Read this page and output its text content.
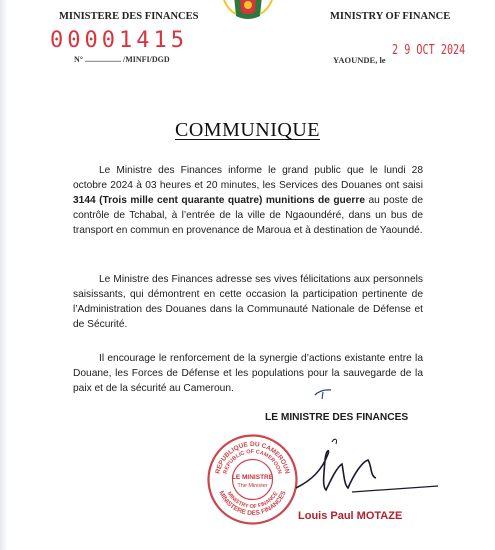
MINISTERE DES FINANCES	MINISTRY OF FINANCE
00001415
N° .................. /MINFI/DGD	YAOUNDE, le
2 9 OCT 2024
COMMUNIQUE

Le Ministre des Finances informe le grand public que le lundi 28 octobre 2024 à 03 heures et 20 minutes, les Services des Douanes ont saisi 3144 (Trois mille cent quarante quatre) munitions de guerre au poste de contrôle de Tchabal, à l’entrée de la ville de Ngaoundéré, dans un bus de transport en commun en provenance de Maroua et à destination de Yaoundé.

Le Ministre des Finances adresse ses vives félicitations aux personnels saisissants, qui démontrent en cette occasion la participation pertinente de l’Administration des Douanes dans la Communauté Nationale de Défense et de Sécurité.

Il encourage le renforcement de la synergie d’actions existante entre la Douane, les Forces de Défense et les populations pour la sauvegarde de la paix et de la sécurité au Cameroun.

LE MINISTRE DES FINANCES
REPUBLIQUE DU CAMEROUN
REPUBLIC OF CAMEROON
MINISTERE DES FINANCES
MINISTRY OF FINANCE
LE MINISTRE
The Minister
Louis Paul MOTAZE
